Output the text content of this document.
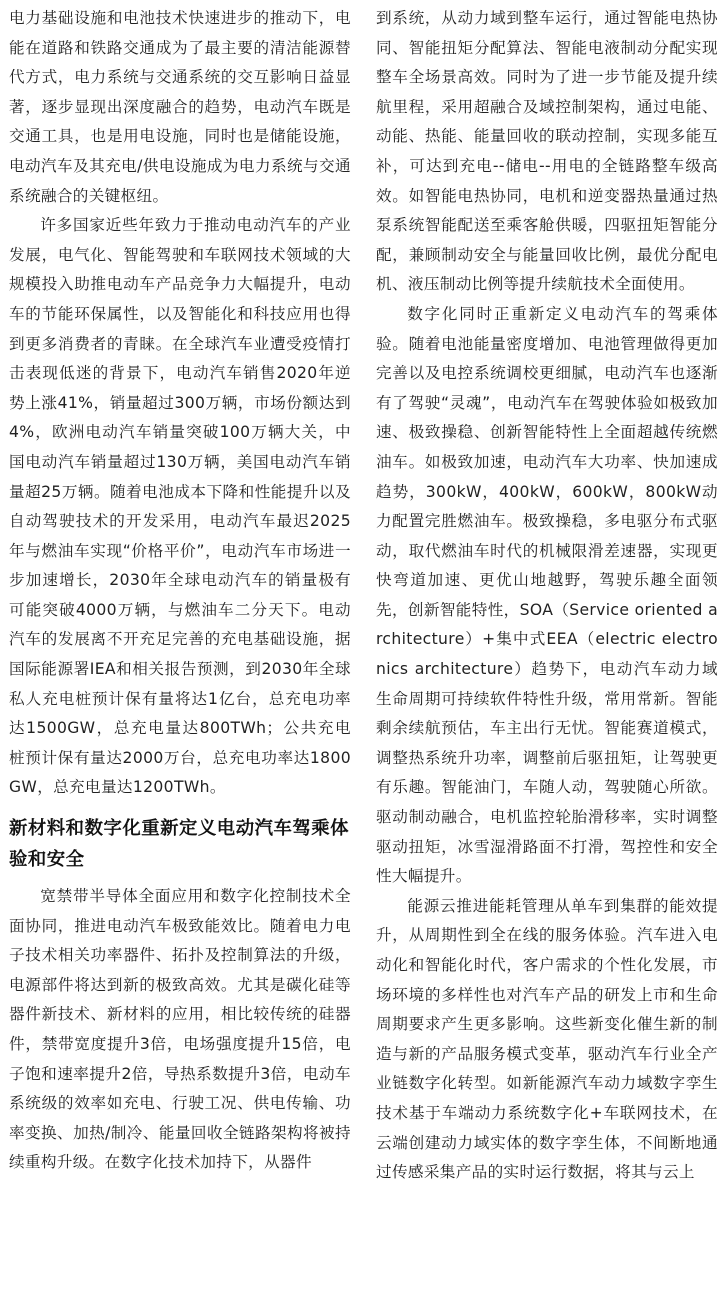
电力基础设施和电池技术快速进步的推动下，电能在道路和铁路交通成为了最主要的清洁能源替代方式，电力系统与交通系统的交互影响日益显著，逐步显现出深度融合的趋势，电动汽车既是交通工具，也是用电设施，同时也是储能设施，电动汽车及其充电/供电设施成为电力系统与交通系统融合的关键枢纽。

许多国家近些年致力于推动电动汽车的产业发展，电气化、智能驾驶和车联网技术领域的大规模投入助推电动车产品竞争力大幅提升，电动车的节能环保属性，以及智能化和科技应用也得到更多消费者的青睐。在全球汽车业遭受疫情打击表现低迷的背景下，电动汽车销售2020年逆势上涨41%，销量超过300万辆，市场份额达到4%，欧洲电动汽车销量突破100万辆大关，中国电动汽车销量超过130万辆，美国电动汽车销量超25万辆。随着电池成本下降和性能提升以及自动驾驶技术的开发采用，电动汽车最迟2025年与燃油车实现“价格平价”，电动汽车市场进一步加速增长，2030年全球电动汽车的销量极有可能突破4000万辆，与燃油车二分天下。电动汽车的发展离不开充足完善的充电基础设施，据国际能源署IEA和相关报告预测，到2030年全球私人充电桩预计保有量将达1亿台，总充电功率达1500GW，总充电量达800TWh；公共充电桩预计保有量达2000万台，总充电功率达1800GW，总充电量达1200TWh。

新材料和数字化重新定义电动汽车驾乘体验和安全

宽禁带半导体全面应用和数字化控制技术全面协同，推进电动汽车极致能效比。随着电力电子技术相关功率器件、拓扑及控制算法的升级，电源部件将达到新的极致高效。尤其是碳化硅等器件新技术、新材料的应用，相比较传统的硅器件，禁带宽度提升3倍，电场强度提升15倍，电子饱和速率提升2倍，导热系数提升3倍，电动车系统级的效率如充电、行驶工况、供电传输、功率变换、加热/制冷、能量回收全链路架构将被持续重构升级。在数字化技术加持下，从器件

到系统，从动力域到整车运行，通过智能电热协同、智能扭矩分配算法、智能电液制动分配实现整车全场景高效。同时为了进一步节能及提升续航里程，采用超融合及域控制架构，通过电能、动能、热能、能量回收的联动控制，实现多能互补，可达到充电--储电--用电的全链路整车级高效。如智能电热协同，电机和逆变器热量通过热泵系统智能配送至乘客舱供暖，四驱扭矩智能分配，兼顾制动安全与能量回收比例，最优分配电机、液压制动比例等提升续航技术全面使用。

数字化同时正重新定义电动汽车的驾乘体验。随着电池能量密度增加、电池管理做得更加完善以及电控系统调校更细腻，电动汽车也逐渐有了驾驶“灵魂”，电动汽车在驾驶体验如极致加速、极致操稳、创新智能特性上全面超越传统燃油车。如极致加速，电动汽车大功率、快加速成趋势，300kW，400kW，600kW，800kW动力配置完胜燃油车。极致操稳，多电驱分布式驱动，取代燃油车时代的机械限滑差速器，实现更快弯道加速、更优山地越野，驾驶乐趣全面领先，创新智能特性，SOA（Service oriented architecture）+集中式EEA（electric electronics architecture）趋势下，电动汽车动力域生命周期可持续软件特性升级，常用常新。智能剩余续航预估，车主出行无忧。智能赛道模式，调整热系统升功率，调整前后驱扭矩，让驾驶更有乐趣。智能油门，车随人动，驾驶随心所欲。驱动制动融合，电机监控轮胎滑移率，实时调整驱动扭矩，冰雪湿滑路面不打滑，驾控性和安全性大幅提升。

能源云推进能耗管理从单车到集群的能效提升，从周期性到全在线的服务体验。汽车进入电动化和智能化时代，客户需求的个性化发展，市场环境的多样性也对汽车产品的研发上市和生命周期要求产生更多影响。这些新变化催生新的制造与新的产品服务模式变革，驱动汽车行业全产业链数字化转型。如新能源汽车动力域数字孪生技术基于车端动力系统数字化+车联网技术，在云端创建动力域实体的数字孪生体，不间断地通过传感采集产品的实时运行数据，将其与云上
